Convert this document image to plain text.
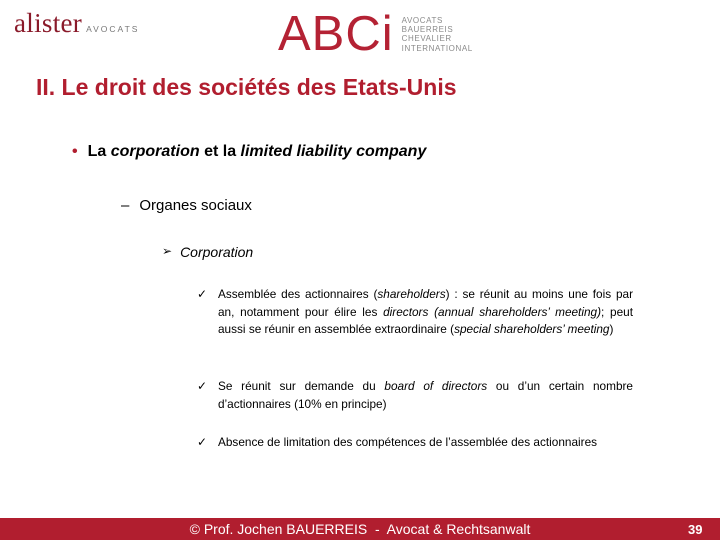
alister AVOCATS	ABCi AVOCATS
BAUERREIS
CHEVALIER
INTERNATIONAL
II. Le droit des sociétés des Etats-Unis
• La corporation et la limited liability company
– Organes sociaux
➢ Corporation
✓ Assemblée des actionnaires (shareholders) : se réunit au moins une fois par an, notamment pour élire les directors (annual shareholders’ meeting); peut aussi se réunir en assemblée extraordinaire (special shareholders’ meeting)
✓ Se réunit sur demande du board of directors ou d’un certain nombre d’actionnaires (10% en principe)
✓ Absence de limitation des compétences de l’assemblée des actionnaires
© Prof. Jochen BAUERREIS  -  Avocat & Rechtsanwalt	39
